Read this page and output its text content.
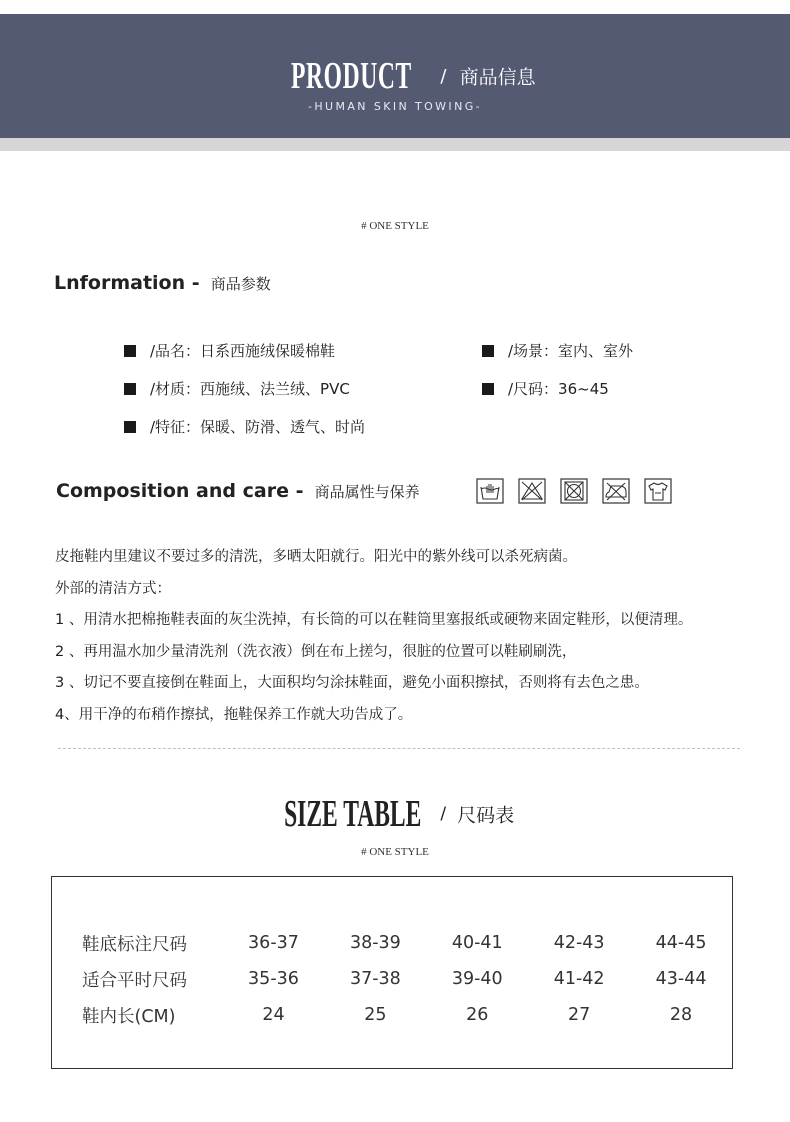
PRODUCT / 商品信息
-HUMAN SKIN TOWING-
# ONE STYLE
Lnformation - 商品参数
/品名：日系西施绒保暖棉鞋	/场景：室内、室外
/材质：西施绒、法兰绒、PVC	/尺码：36~45
/特征：保暖、防滑、透气、时尚
Composition and care - 商品属性与保养

皮拖鞋内里建议不要过多的清洗，多晒太阳就行。阳光中的紫外线可以杀死病菌。

外部的清洁方式：

1 、用清水把棉拖鞋表面的灰尘洗掉，有长筒的可以在鞋筒里塞报纸或硬物来固定鞋形，以便清理。

2 、再用温水加少量清洗剂（洗衣液）倒在布上搓匀，很脏的位置可以鞋刷刷洗，

3 、切记不要直接倒在鞋面上，大面积均匀涂抹鞋面，避免小面积擦拭，否则将有去色之患。

4、用干净的布稍作擦拭，拖鞋保养工作就大功告成了。

SIZE TABLE / 尺码表
# ONE STYLE
鞋底标注尺码	36-37	38-39	40-41	42-43	44-45
适合平时尺码	35-36	37-38	39-40	41-42	43-44
鞋内长(CM)	24	25	26	27	28
